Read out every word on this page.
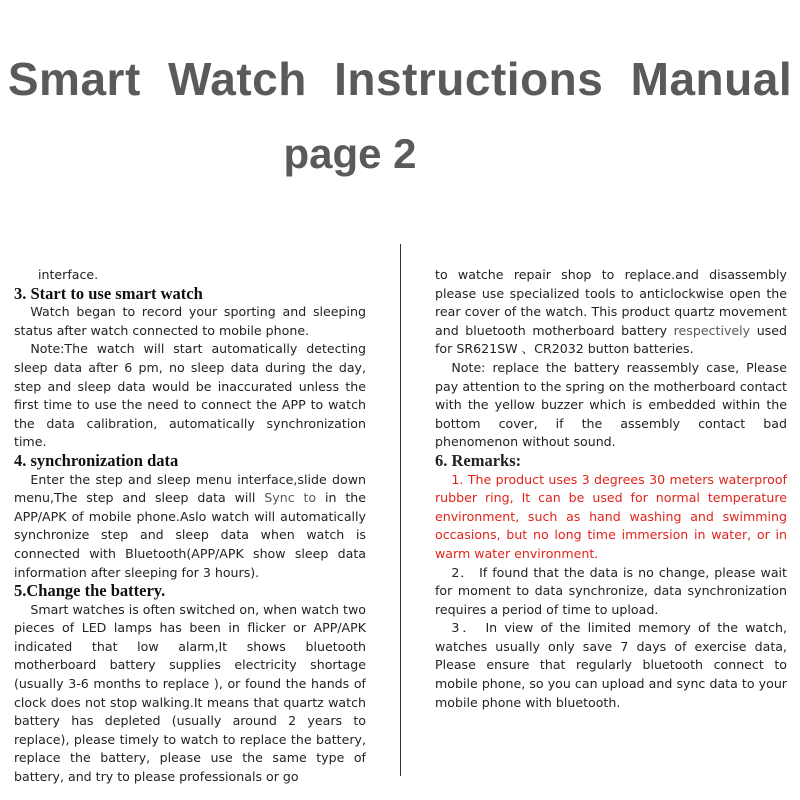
Smart Watch Instructions Manual
page 2

interface.

3. Start to use smart watch

Watch began to record your sporting and sleeping status after watch connected to mobile phone.

Note:The watch will start automatically detecting sleep data after 6 pm, no sleep data during the day, step and sleep data would be inaccurated unless the first time to use the need to connect the APP to watch the data calibration, automatically synchronization time.

4. synchronization data

Enter the step and sleep menu interface,slide down menu,The step and sleep data will Sync to in the APP/APK of mobile phone.Aslo watch will automatically synchronize step and sleep data when watch is connected with Bluetooth(APP/APK show sleep data information after sleeping for 3 hours).

5.Change the battery.

Smart watches is often switched on, when watch two pieces of LED lamps has been in flicker or APP/APK indicated that low alarm,It shows bluetooth motherboard battery supplies electricity shortage (usually 3-6 months to replace ), or found the hands of clock does not stop walking.It means that quartz watch battery has depleted (usually around 2 years to replace), please timely to watch to replace the battery, replace the battery, please use the same type of battery, and try to please professionals or go

to watche repair shop to replace.and disassembly please use specialized tools to anticlockwise open the rear cover of the watch. This product quartz movement and bluetooth motherboard battery respectively used for SR621SW 、CR2032 button batteries.

Note: replace the battery reassembly case, Please pay attention to the spring on the motherboard contact with the yellow buzzer which is embedded within the bottom cover, if the assembly contact bad phenomenon without sound.

6. Remarks:

1. The product uses 3 degrees 30 meters waterproof rubber ring, It can be used for normal temperature environment, such as hand washing and swimming occasions, but no long time immersion in water, or in warm water environment.

2． If found that the data is no change, please wait for moment to data synchronize, data synchronization requires a period of time to upload.

3． In view of the limited memory of the watch, watches usually only save 7 days of exercise data, Please ensure that regularly bluetooth connect to mobile phone, so you can upload and sync data to your mobile phone with bluetooth.
